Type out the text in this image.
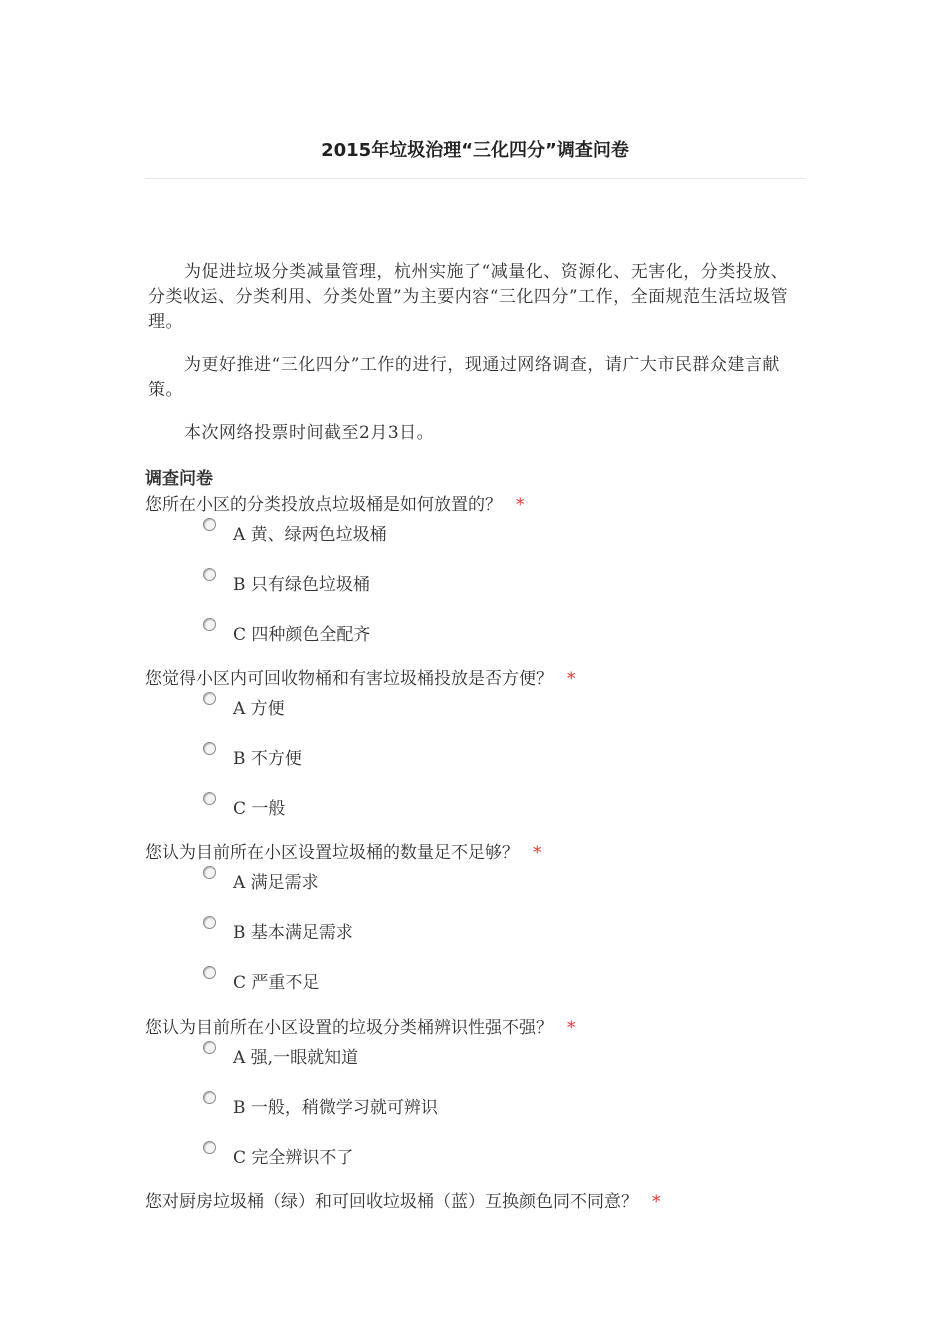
2015年垃圾治理“三化四分”调查问卷

为促进垃圾分类减量管理，杭州实施了“减量化、资源化、无害化，分类投放、分类收运、分类利用、分类处置”为主要内容“三化四分”工作，全面规范生活垃圾管理。

为更好推进“三化四分”工作的进行，现通过网络调查，请广大市民群众建言献策。

本次网络投票时间截至2月3日。

调查问卷
您所在小区的分类投放点垃圾桶是如何放置的？ *
A 黄、绿两色垃圾桶
B 只有绿色垃圾桶
C 四种颜色全配齐
您觉得小区内可回收物桶和有害垃圾桶投放是否方便？ *
A 方便
B 不方便
C 一般
您认为目前所在小区设置垃圾桶的数量足不足够？ *
A 满足需求
B 基本满足需求
C 严重不足
您认为目前所在小区设置的垃圾分类桶辨识性强不强？ *
A 强,一眼就知道
B 一般，稍微学习就可辨识
C 完全辨识不了
您对厨房垃圾桶（绿）和可回收垃圾桶（蓝）互换颜色同不同意？ *
